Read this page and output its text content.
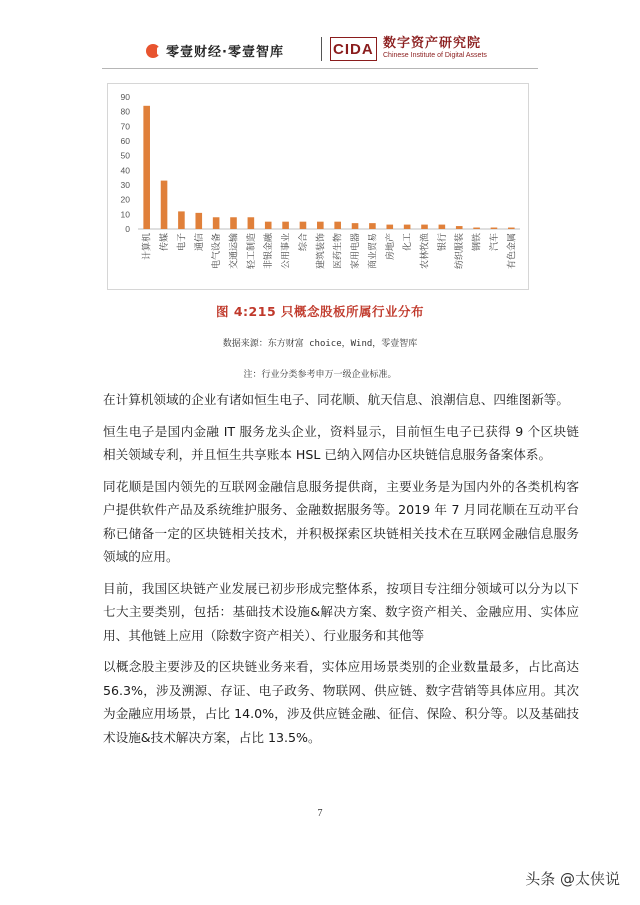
零壹财经·零壹智库	CIDA 数字资产研究院
Chinese Institute of Digital Assets
0
10
20
30
40
50
60
70
80
90
计算机 传媒 电子 通信 电气设备 交通运输 轻工制造 非银金融 公用事业 综合 建筑装饰 医药生物 家用电器 商业贸易 房地产 化工 农林牧渔 银行 纺织服装 钢铁 汽车 有色金属
图 4:215 只概念股板所属行业分布
数据来源：东方财富 choice，Wind，零壹智库
注：行业分类参考申万一级企业标准。

在计算机领域的企业有诸如恒生电子、同花顺、航天信息、浪潮信息、四维图新等。

恒生电子是国内金融 IT 服务龙头企业，资料显示，目前恒生电子已获得 9 个区块链相关领域专利，并且恒生共享账本 HSL 已纳入网信办区块链信息服务备案体系。

同花顺是国内领先的互联网金融信息服务提供商，主要业务是为国内外的各类机构客户提供软件产品及系统维护服务、金融数据服务等。2019 年 7 月同花顺在互动平台称已储备一定的区块链相关技术，并积极探索区块链相关技术在互联网金融信息服务领域的应用。

目前，我国区块链产业发展已初步形成完整体系，按项目专注细分领域可以分为以下七大主要类别，包括：基础技术设施&解决方案、数字资产相关、金融应用、实体应用、其他链上应用（除数字资产相关）、行业服务和其他等

以概念股主要涉及的区块链业务来看，实体应用场景类别的企业数量最多，占比高达 56.3%，涉及溯源、存证、电子政务、物联网、供应链、数字营销等具体应用。其次为金融应用场景，占比 14.0%，涉及供应链金融、征信、保险、积分等。以及基础技术设施&技术解决方案，占比 13.5%。

7
头条 @太侠说
